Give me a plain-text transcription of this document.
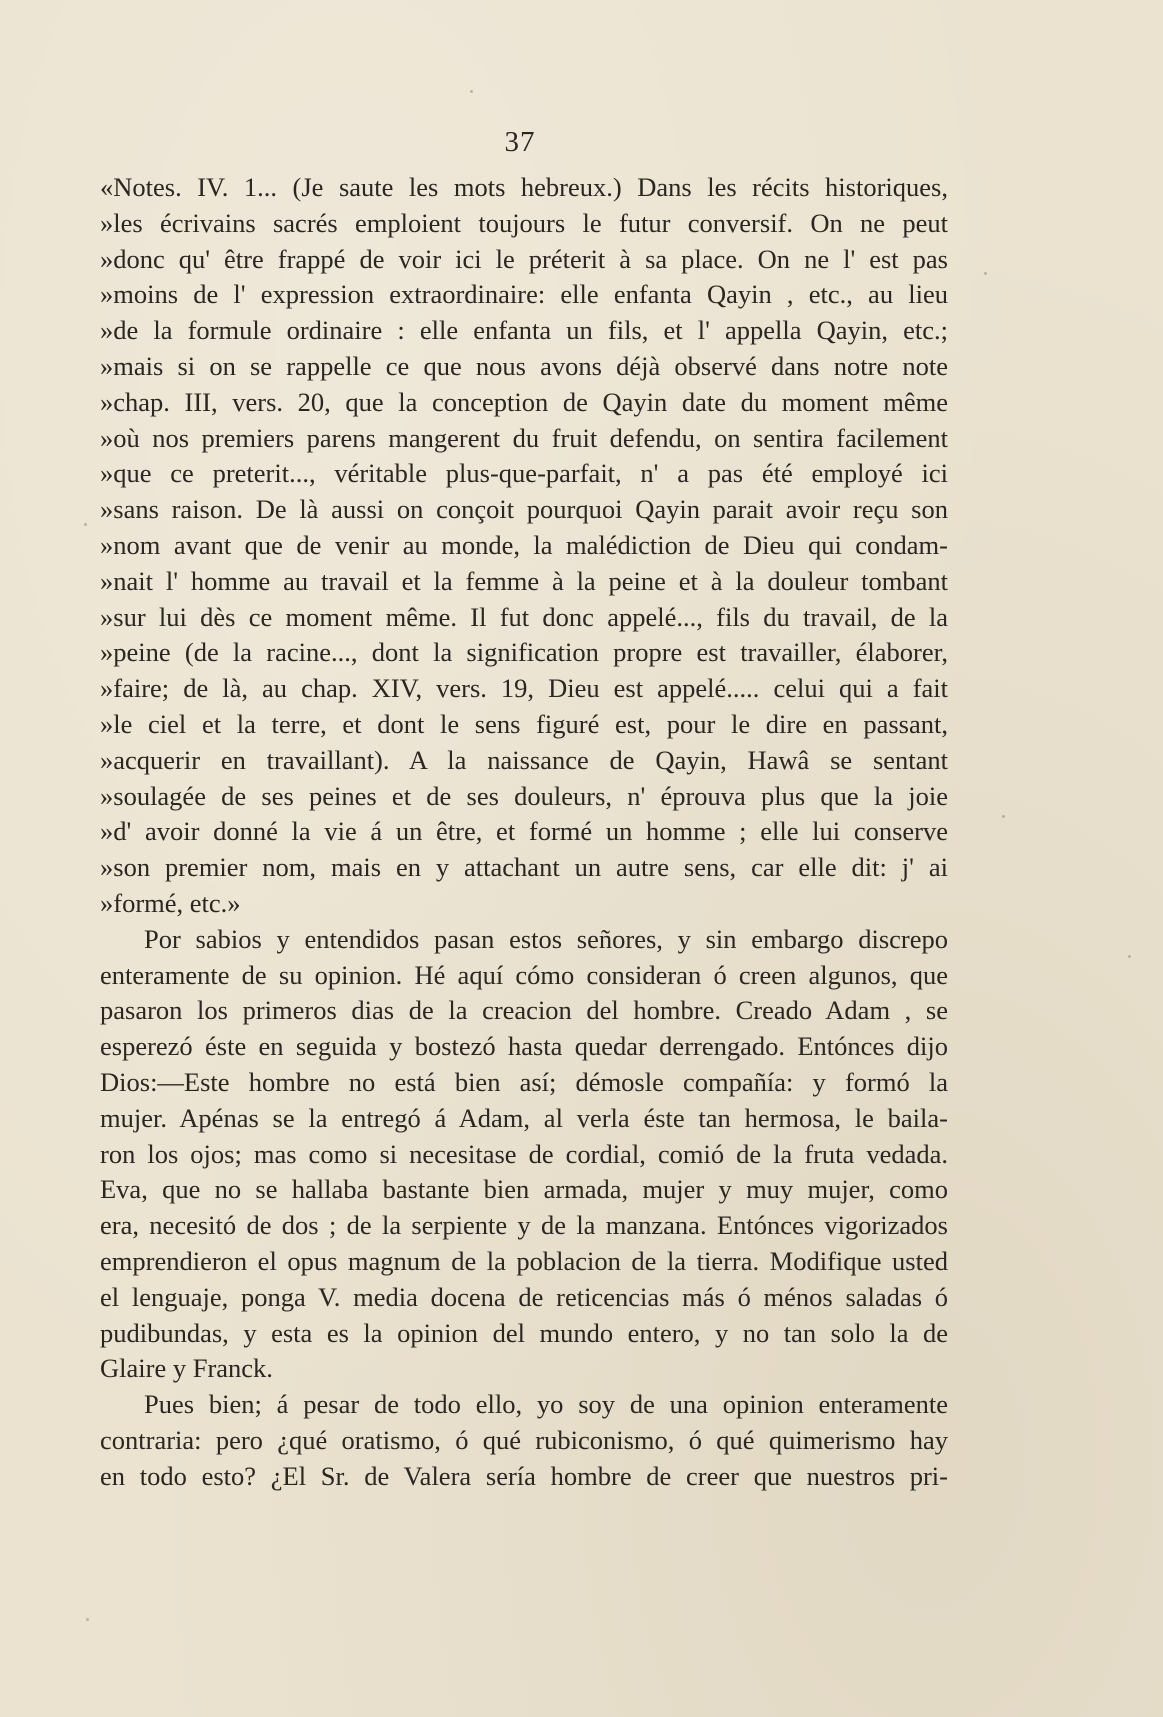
37
«Notes. IV. 1... (Je saute les mots hebreux.) Dans les récits historiques,
»les écrivains sacrés emploient toujours le futur conversif. On ne peut
»donc qu' être frappé de voir ici le préterit à sa place. On ne l' est pas
»moins de l' expression extraordinaire: elle enfanta Qayin , etc., au lieu
»de la formule ordinaire : elle enfanta un fils, et l' appella Qayin, etc.;
»mais si on se rappelle ce que nous avons déjà observé dans notre note
»chap. III, vers. 20, que la conception de Qayin date du moment même
»où nos premiers parens mangerent du fruit defendu, on sentira facilement
»que ce preterit..., véritable plus-que-parfait, n' a pas été employé ici
»sans raison. De là aussi on conçoit pourquoi Qayin parait avoir reçu son
»nom avant que de venir au monde, la malédiction de Dieu qui condam-
»nait l' homme au travail et la femme à la peine et à la douleur tombant
»sur lui dès ce moment même. Il fut donc appelé..., fils du travail, de la
»peine (de la racine..., dont la signification propre est travailler, élaborer,
»faire; de là, au chap. XIV, vers. 19, Dieu est appelé..... celui qui a fait
»le ciel et la terre, et dont le sens figuré est, pour le dire en passant,
»acquerir en travaillant). A la naissance de Qayin, Hawâ se sentant
»soulagée de ses peines et de ses douleurs, n' éprouva plus que la joie
»d' avoir donné la vie á un être, et formé un homme ; elle lui conserve
»son premier nom, mais en y attachant un autre sens, car elle dit: j' ai
»formé, etc.»
Por sabios y entendidos pasan estos señores, y sin embargo discrepo
enteramente de su opinion. Hé aquí cómo consideran ó creen algunos, que
pasaron los primeros dias de la creacion del hombre. Creado Adam , se
esperezó éste en seguida y bostezó hasta quedar derrengado. Entónces dijo
Dios:—Este hombre no está bien así; démosle compañía: y formó la
mujer. Apénas se la entregó á Adam, al verla éste tan hermosa, le baila-
ron los ojos; mas como si necesitase de cordial, comió de la fruta vedada.
Eva, que no se hallaba bastante bien armada, mujer y muy mujer, como
era, necesitó de dos ; de la serpiente y de la manzana. Entónces vigorizados
emprendieron el opus magnum de la poblacion de la tierra. Modifique usted
el lenguaje, ponga V. media docena de reticencias más ó ménos saladas ó
pudibundas, y esta es la opinion del mundo entero, y no tan solo la de
Glaire y Franck.
Pues bien; á pesar de todo ello, yo soy de una opinion enteramente
contraria: pero ¿qué oratismo, ó qué rubiconismo, ó qué quimerismo hay
en todo esto? ¿El Sr. de Valera sería hombre de creer que nuestros pri-
